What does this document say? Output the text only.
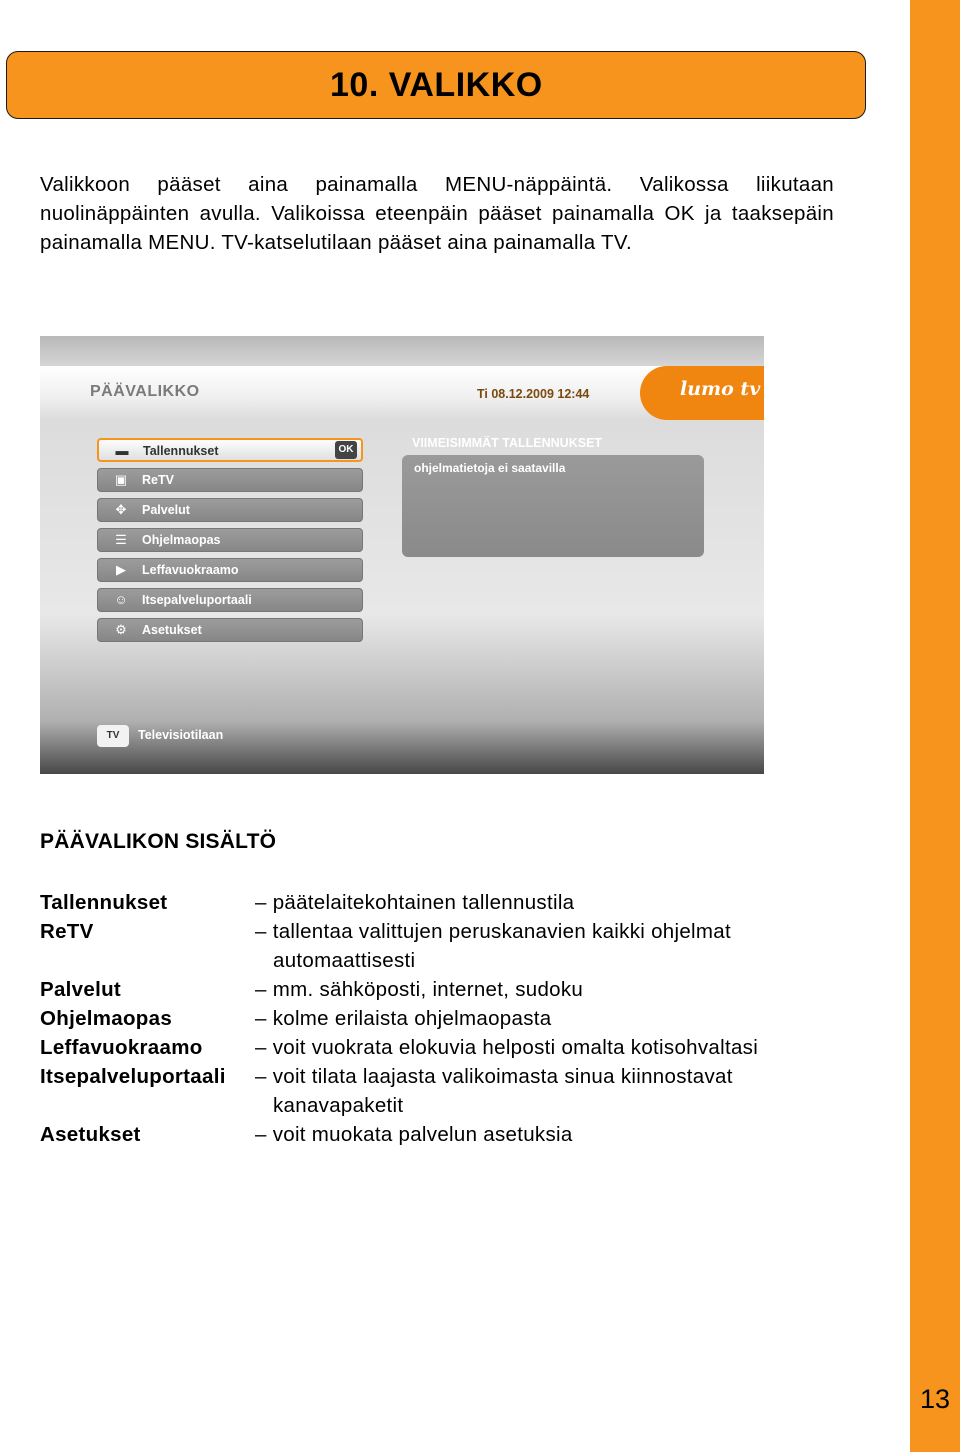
13
10. VALIKKO
Valikkoon pääset aina painamalla MENU-näppäintä. Valikossa liikutaan nuolinäppäinten avulla. Valikoissa eteenpäin pääset painamalla OK ja taaksepäin painamalla MENU. TV-katselutilaan pääset aina painamalla TV.
PÄÄVALIKKO	Ti 08.12.2009 12:44	lumo tv
▬	Tallennukset	OK
▣	ReTV
✥	Palvelut
☰	Ohjelmaopas
▶	Leffavuokraamo
☺	Itsepalveluportaali
⚙	Asetukset
VIIMEISIMMÄT TALLENNUKSET
ohjelmatietoja ei saatavilla
TV	Televisiotilaan
PÄÄVALIKON SISÄLTÖ
Tallennukset	– päätelaitekohtainen tallennustila
ReTV	– tallentaa valittujen peruskanavien kaikki ohjelmat
automaattisesti
Palvelut	– mm. sähköposti, internet, sudoku
Ohjelmaopas	– kolme erilaista ohjelmaopasta
Leffavuokraamo	– voit vuokrata elokuvia helposti omalta kotisohvaltasi
Itsepalveluportaali – voit tilata laajasta valikoimasta sinua kiinnostavat
kanavapaketit
Asetukset	– voit muokata palvelun asetuksia
